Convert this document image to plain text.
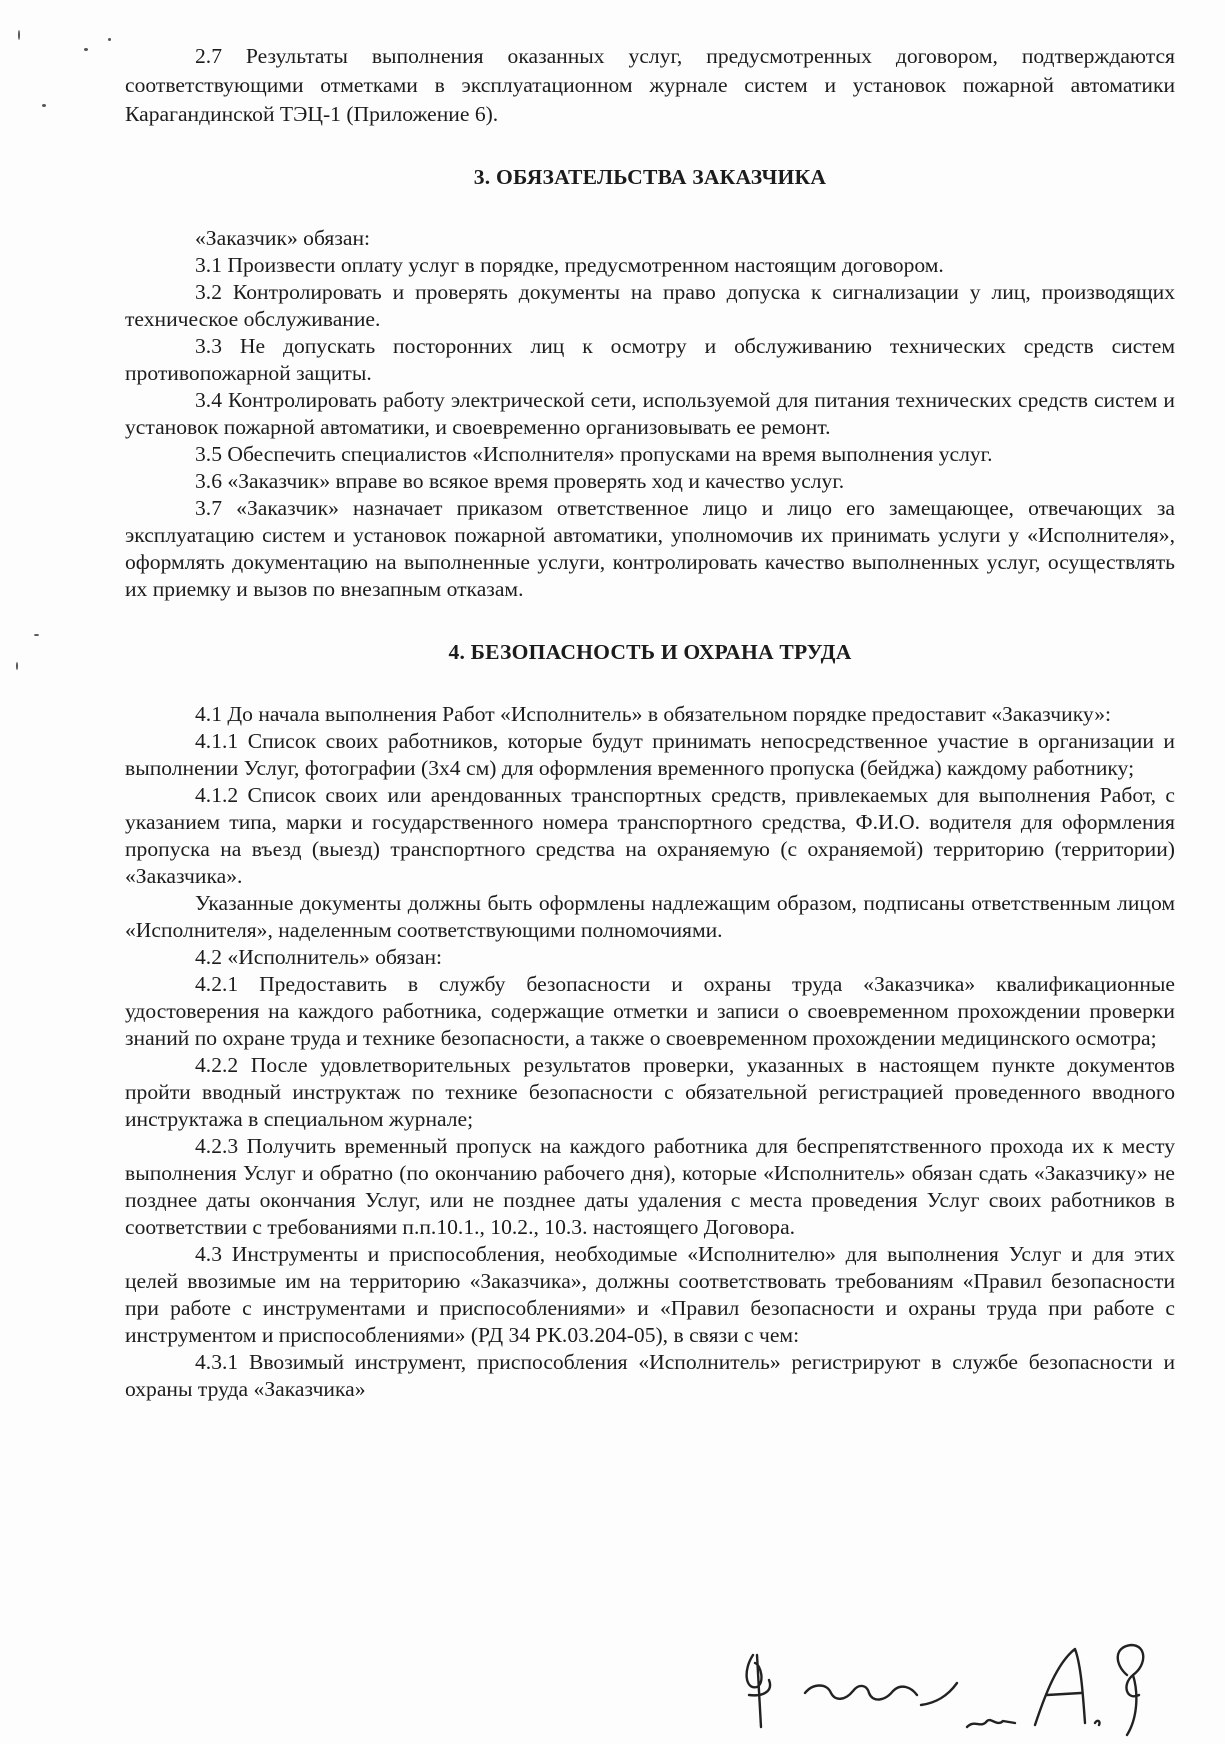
2.7 Результаты выполнения оказанных услуг, предусмотренных договором, подтверждаются соответствующими отметками в эксплуатационном журнале систем и установок пожарной автоматики Карагандинской ТЭЦ-1 (Приложение 6).

3. ОБЯЗАТЕЛЬСТВА ЗАКАЗЧИКА

«Заказчик» обязан:

3.1 Произвести оплату услуг в порядке, предусмотренном настоящим договором.

3.2 Контролировать и проверять документы на право допуска к сигнализации у лиц, производящих техническое обслуживание.

3.3 Не допускать посторонних лиц к осмотру и обслуживанию технических средств систем противопожарной защиты.

3.4 Контролировать работу электрической сети, используемой для питания технических средств систем и установок пожарной автоматики, и своевременно организовывать ее ремонт.

3.5 Обеспечить специалистов «Исполнителя» пропусками на время выполнения услуг.

3.6 «Заказчик» вправе во всякое время проверять ход и качество услуг.

3.7 «Заказчик» назначает приказом ответственное лицо и лицо его замещающее, отвечающих за эксплуатацию систем и установок пожарной автоматики, уполномочив их принимать услуги у «Исполнителя», оформлять документацию на выполненные услуги, контролировать качество выполненных услуг, осуществлять их приемку и вызов по внезапным отказам.

4. БЕЗОПАСНОСТЬ И ОХРАНА ТРУДА

4.1 До начала выполнения Работ «Исполнитель» в обязательном порядке предоставит «Заказчику»:

4.1.1 Список своих работников, которые будут принимать непосредственное участие в организации и выполнении Услуг, фотографии (3х4 см) для оформления временного пропуска (бейджа) каждому работнику;

4.1.2 Список своих или арендованных транспортных средств, привлекаемых для выполнения Работ, с указанием типа, марки и государственного номера транспортного средства, Ф.И.О. водителя для оформления пропуска на въезд (выезд) транспортного средства на охраняемую (с охраняемой) территорию (территории) «Заказчика».

Указанные документы должны быть оформлены надлежащим образом, подписаны ответственным лицом «Исполнителя», наделенным соответствующими полномочиями.

4.2 «Исполнитель» обязан:

4.2.1 Предоставить в службу безопасности и охраны труда «Заказчика» квалификационные удостоверения на каждого работника, содержащие отметки и записи о своевременном прохождении проверки знаний по охране труда и технике безопасности, а также о своевременном прохождении медицинского осмотра;

4.2.2 После удовлетворительных результатов проверки, указанных в настоящем пункте документов пройти вводный инструктаж по технике безопасности с обязательной регистрацией проведенного вводного инструктажа в специальном журнале;

4.2.3 Получить временный пропуск на каждого работника для беспрепятственного прохода их к месту выполнения Услуг и обратно (по окончанию рабочего дня), которые «Исполнитель» обязан сдать «Заказчику» не позднее даты окончания Услуг, или не позднее даты удаления с места проведения Услуг своих работников в соответствии с требованиями п.п.10.1., 10.2., 10.3. настоящего Договора.

4.3 Инструменты и приспособления, необходимые «Исполнителю» для выполнения Услуг и для этих целей ввозимые им на территорию «Заказчика», должны соответствовать требованиям «Правил безопасности при работе с инструментами и приспособлениями» и «Правил безопасности и охраны труда при работе с инструментом и приспособлениями» (РД 34 РК.03.204-05), в связи с чем:

4.3.1 Ввозимый инструмент, приспособления «Исполнитель» регистрируют в службе безопасности и охраны труда «Заказчика»
